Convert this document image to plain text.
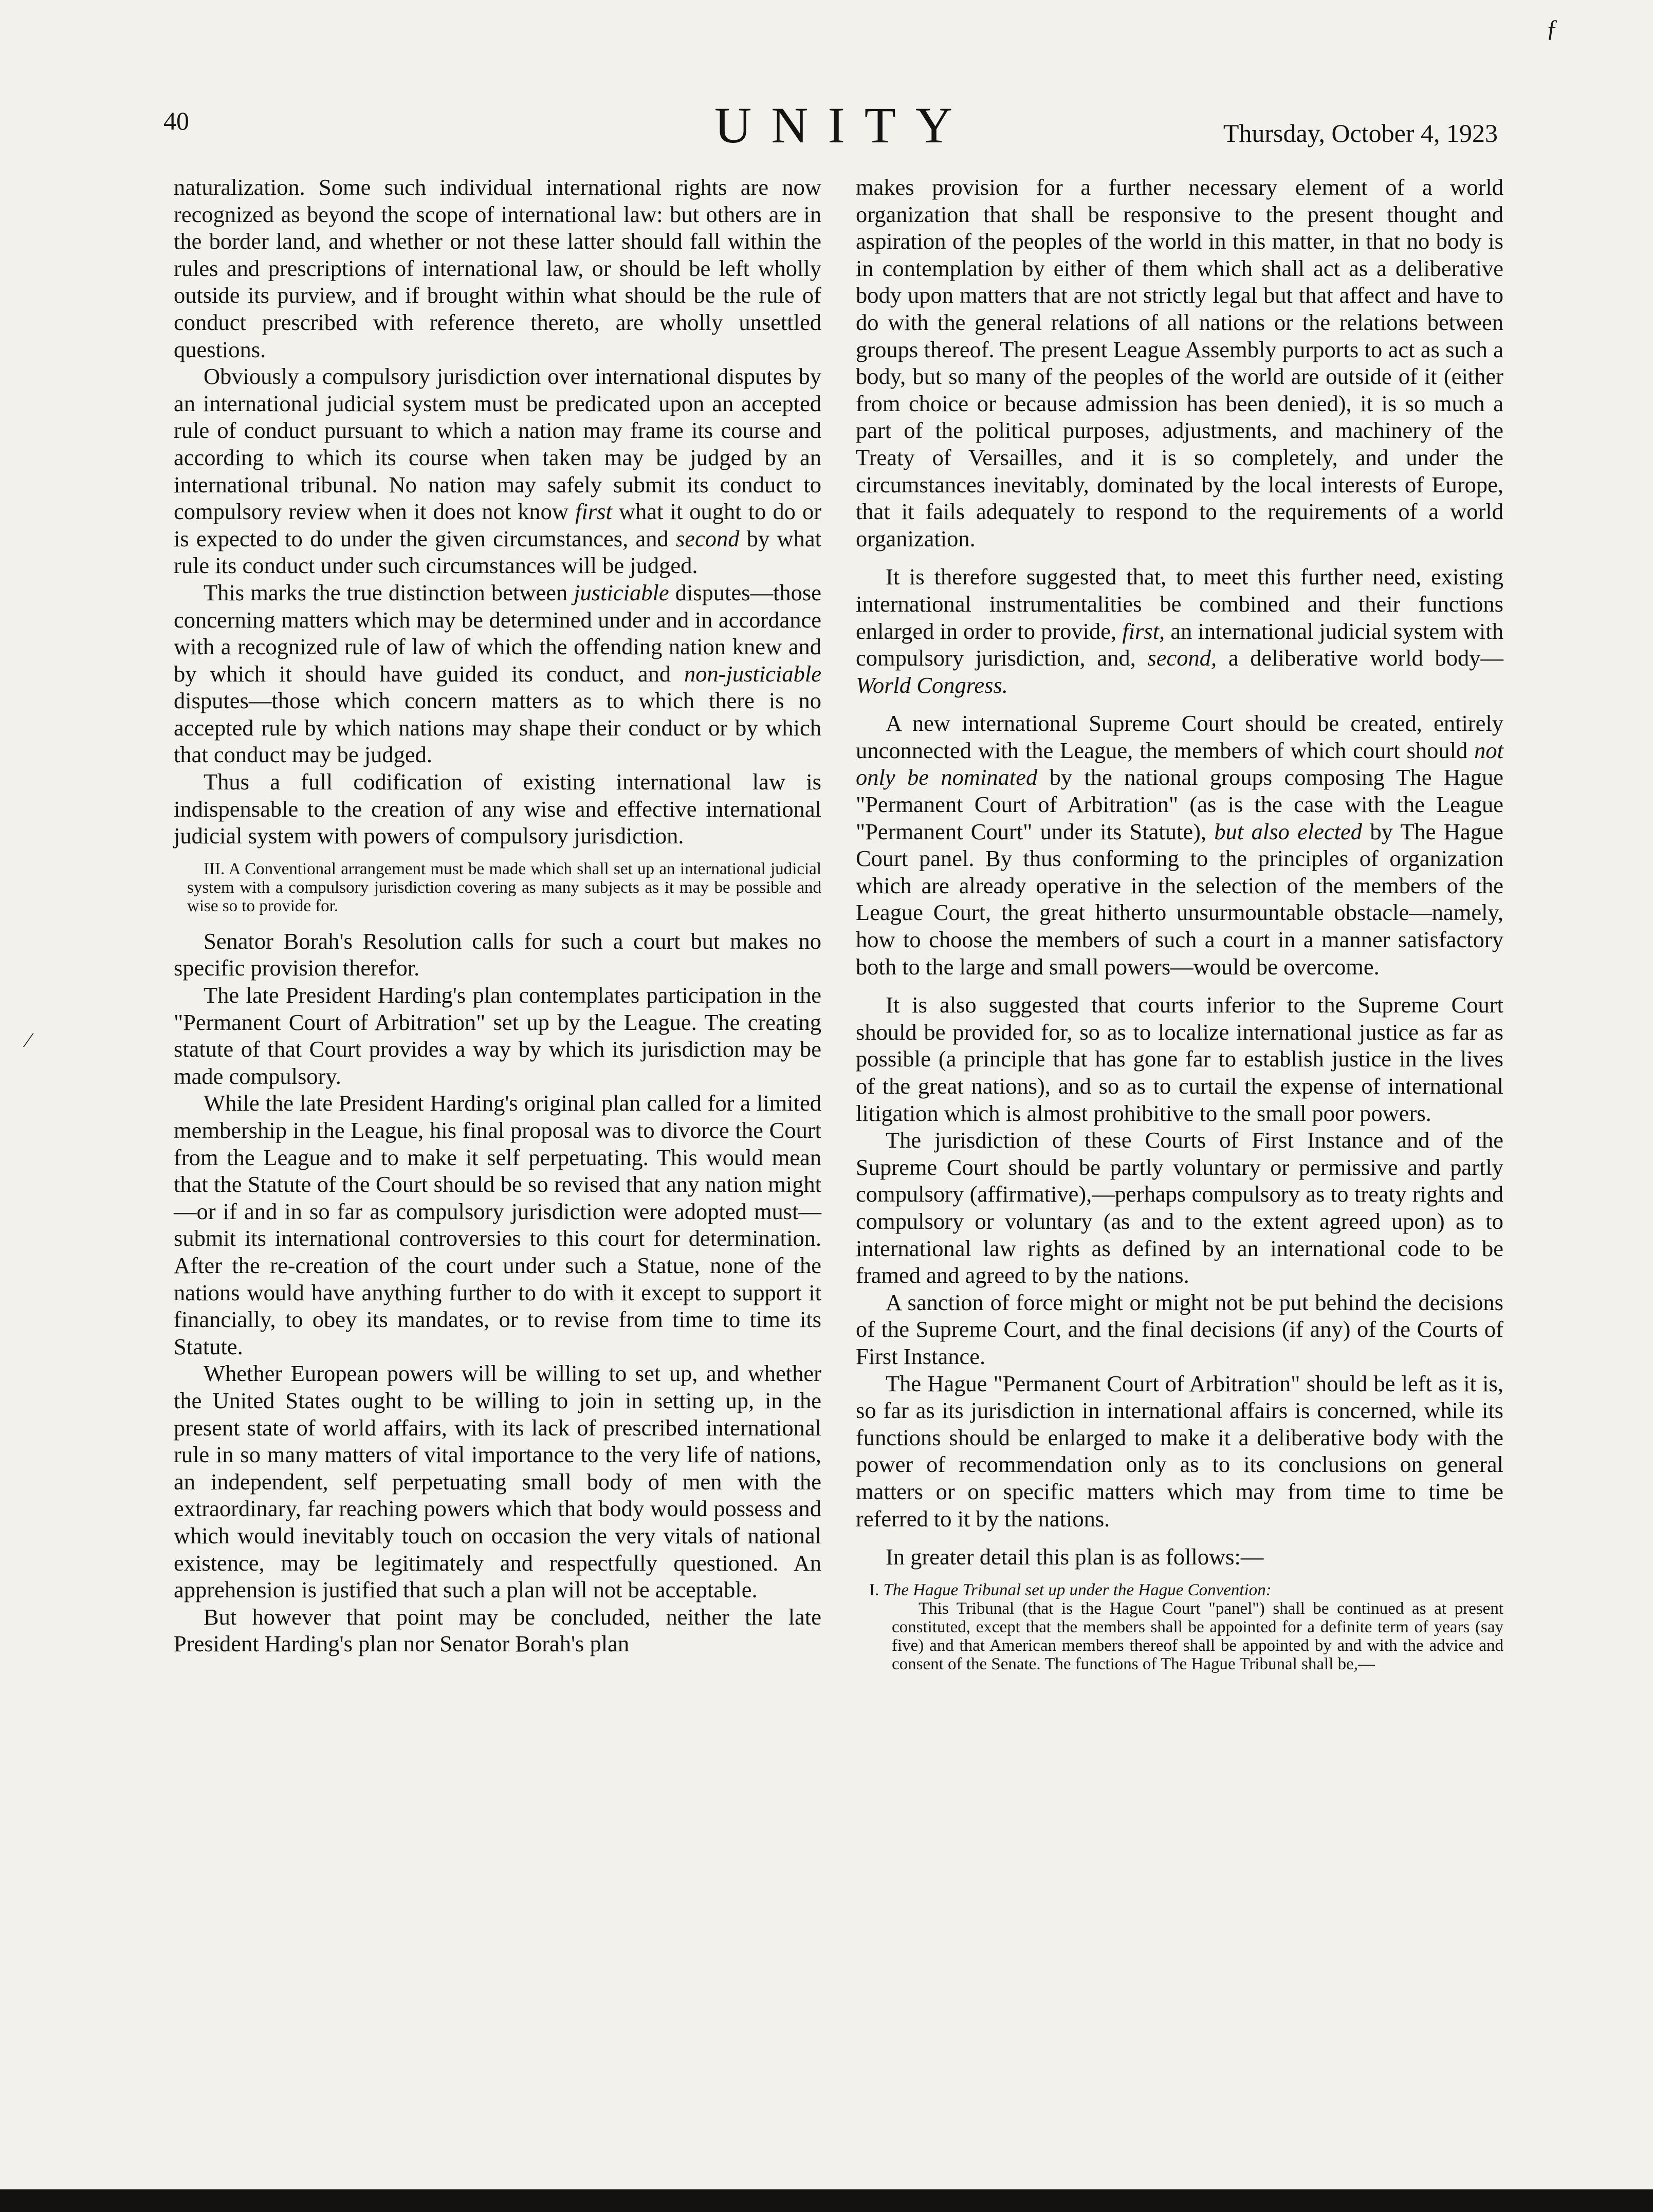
40	UNITY	Thursday, October 4, 1923

naturalization. Some such individual international rights are now recognized as beyond the scope of international law: but others are in the border land, and whether or not these latter should fall within the rules and prescriptions of international law, or should be left wholly outside its purview, and if brought within what should be the rule of conduct prescribed with reference thereto, are wholly unsettled questions.

Obviously a compulsory jurisdiction over international disputes by an international judicial system must be predicated upon an accepted rule of conduct pursuant to which a nation may frame its course and according to which its course when taken may be judged by an international tribunal. No nation may safely submit its conduct to compulsory review when it does not know first what it ought to do or is expected to do under the given circumstances, and second by what rule its conduct under such circumstances will be judged.

This marks the true distinction between justiciable disputes—those concerning matters which may be determined under and in accordance with a recognized rule of law of which the offending nation knew and by which it should have guided its conduct, and non-justiciable disputes—those which concern matters as to which there is no accepted rule by which nations may shape their conduct or by which that conduct may be judged.

Thus a full codification of existing international law is indispensable to the creation of any wise and effective international judicial system with powers of compulsory jurisdiction.

III. A Conventional arrangement must be made which shall set up an international judicial system with a compulsory jurisdiction covering as many subjects as it may be possible and wise so to provide for.

Senator Borah's Resolution calls for such a court but makes no specific provision therefor.

The late President Harding's plan contemplates participation in the "Permanent Court of Arbitration" set up by the League. The creating statute of that Court provides a way by which its jurisdiction may be made compulsory.

While the late President Harding's original plan called for a limited membership in the League, his final proposal was to divorce the Court from the League and to make it self perpetuating. This would mean that the Statute of the Court should be so revised that any nation might—or if and in so far as compulsory jurisdiction were adopted must—submit its international controversies to this court for determination. After the re-creation of the court under such a Statue, none of the nations would have anything further to do with it except to support it financially, to obey its mandates, or to revise from time to time its Statute.

Whether European powers will be willing to set up, and whether the United States ought to be willing to join in setting up, in the present state of world affairs, with its lack of prescribed international rule in so many matters of vital importance to the very life of nations, an independent, self perpetuating small body of men with the extraordinary, far reaching powers which that body would possess and which would inevitably touch on occasion the very vitals of national existence, may be legitimately and respectfully questioned. An apprehension is justified that such a plan will not be acceptable.

But however that point may be concluded, neither the late President Harding's plan nor Senator Borah's plan

makes provision for a further necessary element of a world organization that shall be responsive to the present thought and aspiration of the peoples of the world in this matter, in that no body is in contemplation by either of them which shall act as a deliberative body upon matters that are not strictly legal but that affect and have to do with the general relations of all nations or the relations between groups thereof. The present League Assembly purports to act as such a body, but so many of the peoples of the world are outside of it (either from choice or because admission has been denied), it is so much a part of the political purposes, adjustments, and machinery of the Treaty of Versailles, and it is so completely, and under the circumstances inevitably, dominated by the local interests of Europe, that it fails adequately to respond to the requirements of a world organization.

It is therefore suggested that, to meet this further need, existing international instrumentalities be combined and their functions enlarged in order to provide, first, an international judicial system with compulsory jurisdiction, and, second, a deliberative world body—World Congress.

A new international Supreme Court should be created, entirely unconnected with the League, the members of which court should not only be nominated by the national groups composing The Hague "Permanent Court of Arbitration" (as is the case with the League "Permanent Court" under its Statute), but also elected by The Hague Court panel. By thus conforming to the principles of organization which are already operative in the selection of the members of the League Court, the great hitherto unsurmountable obstacle—namely, how to choose the members of such a court in a manner satisfactory both to the large and small powers—would be overcome.

It is also suggested that courts inferior to the Supreme Court should be provided for, so as to localize international justice as far as possible (a principle that has gone far to establish justice in the lives of the great nations), and so as to curtail the expense of international litigation which is almost prohibitive to the small poor powers.

The jurisdiction of these Courts of First Instance and of the Supreme Court should be partly voluntary or permissive and partly compulsory (affirmative),—perhaps compulsory as to treaty rights and compulsory or voluntary (as and to the extent agreed upon) as to international law rights as defined by an international code to be framed and agreed to by the nations.

A sanction of force might or might not be put behind the decisions of the Supreme Court, and the final decisions (if any) of the Courts of First Instance.

The Hague "Permanent Court of Arbitration" should be left as it is, so far as its jurisdiction in international affairs is concerned, while its functions should be enlarged to make it a deliberative body with the power of recommendation only as to its conclusions on general matters or on specific matters which may from time to time be referred to it by the nations.

In greater detail this plan is as follows:—

I. The Hague Tribunal set up under the Hague Convention:
This Tribunal (that is the Hague Court "panel") shall be continued as at present constituted, except that the members shall be appointed for a definite term of years (say five) and that American members thereof shall be appointed by and with the advice and consent of the Senate. The functions of The Hague Tribunal shall be,—
ƒ
⁄
